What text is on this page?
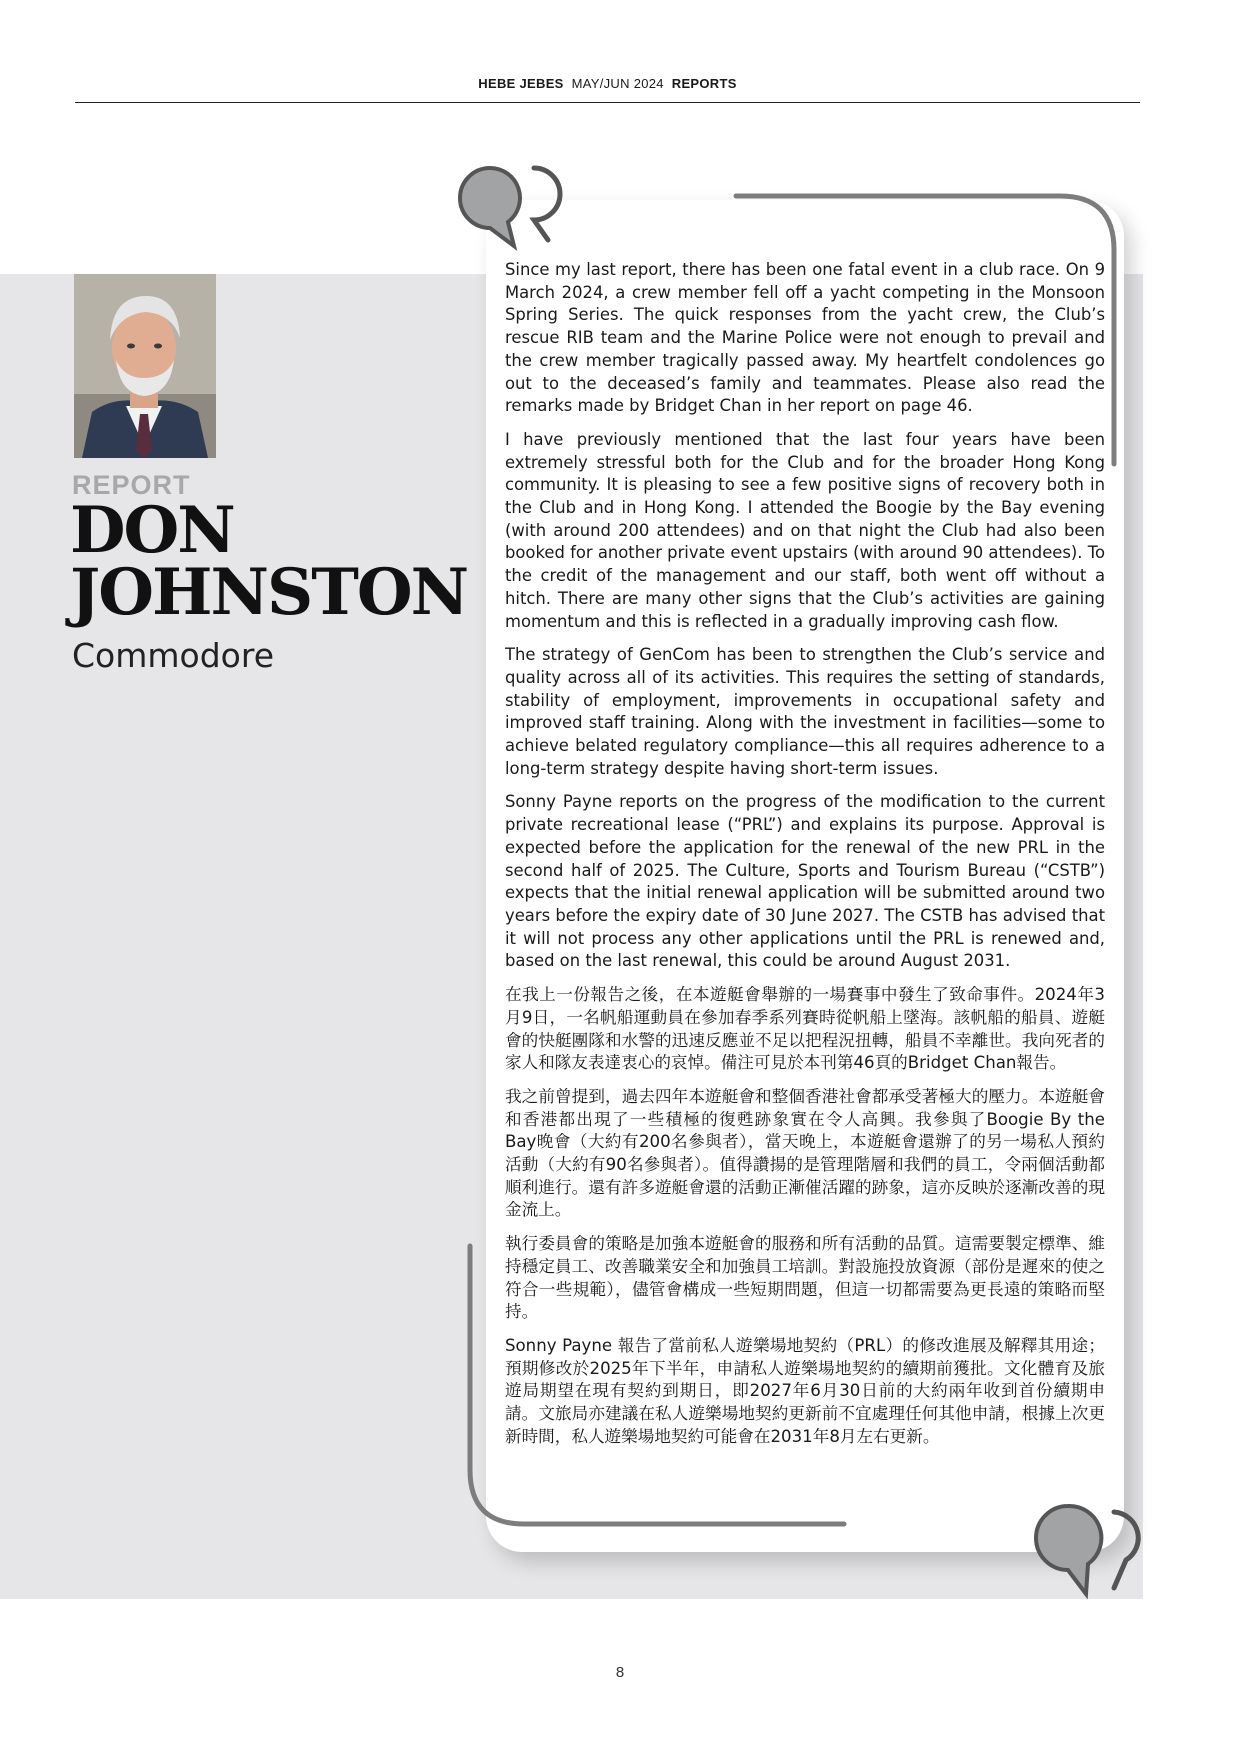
HEBE JEBES MAY/JUN 2024 REPORTS
REPORT
DON
JOHNSTON
Commodore

Since my last report, there has been one fatal event in a club race. On 9 March 2024, a crew member fell off a yacht competing in the Monsoon Spring Series. The quick responses from the yacht crew, the Club’s rescue RIB team and the Marine Police were not enough to prevail and the crew member tragically passed away. My heartfelt condolences go out to the deceased’s family and teammates. Please also read the remarks made by Bridget Chan in her report on page 46.

I have previously mentioned that the last four years have been extremely stressful both for the Club and for the broader Hong Kong community. It is pleasing to see a few positive signs of recovery both in the Club and in Hong Kong. I attended the Boogie by the Bay evening (with around 200 attendees) and on that night the Club had also been booked for another private event upstairs (with around 90 attendees). To the credit of the management and our staff, both went off without a hitch. There are many other signs that the Club’s activities are gaining momentum and this is reflected in a gradually improving cash flow.

The strategy of GenCom has been to strengthen the Club’s service and quality across all of its activities. This requires the setting of standards, stability of employment, improvements in occupational safety and improved staff training. Along with the investment in facilities—some to achieve belated regulatory compliance—this all requires adherence to a long-term strategy despite having short-term issues.

Sonny Payne reports on the progress of the modification to the current private recreational lease (“PRL”) and explains its purpose. Approval is expected before the application for the renewal of the new PRL in the second half of 2025. The Culture, Sports and Tourism Bureau (“CSTB”) expects that the initial renewal application will be submitted around two years before the expiry date of 30 June 2027. The CSTB has advised that it will not process any other applications until the PRL is renewed and, based on the last renewal, this could be around August 2031.

在我上一份報告之後，在本遊艇會舉辦的一場賽事中發生了致命事件。2024年3月9日，一名帆船運動員在參加春季系列賽時從帆船上墜海。該帆船的船員、遊艇會的快艇團隊和水警的迅速反應並不足以把程況扭轉，船員不幸離世。我向死者的家人和隊友表達衷心的哀悼。備注可見於本刊第46頁的Bridget Chan報告。

我之前曾提到，過去四年本遊艇會和整個香港社會都承受著極大的壓力。本遊艇會和香港都出現了一些積極的復甦跡象實在令人高興。我參與了Boogie By the Bay晚會（大約有200名參與者），當天晚上，本遊艇會還辦了的另一場私人預約活動（大約有90名參與者）。值得讚揚的是管理階層和我們的員工，令兩個活動都順利進行。還有許多遊艇會還的活動正漸催活躍的跡象，這亦反映於逐漸改善的現金流上。

執行委員會的策略是加強本遊艇會的服務和所有活動的品質。這需要製定標準、維持穩定員工、改善職業安全和加強員工培訓。對設施投放資源（部份是遲來的使之符合一些規範），儘管會構成一些短期問題，但這一切都需要為更長遠的策略而堅持。

Sonny Payne 報告了當前私人遊樂場地契約（PRL）的修改進展及解釋其用途；預期修改於2025年下半年，申請私人遊樂場地契約的續期前獲批。文化體育及旅遊局期望在現有契約到期日，即2027年6月30日前的大約兩年收到首份續期申請。文旅局亦建議在私人遊樂場地契約更新前不宜處理任何其他申請，根據上次更新時間，私人遊樂場地契約可能會在2031年8月左右更新。

8
